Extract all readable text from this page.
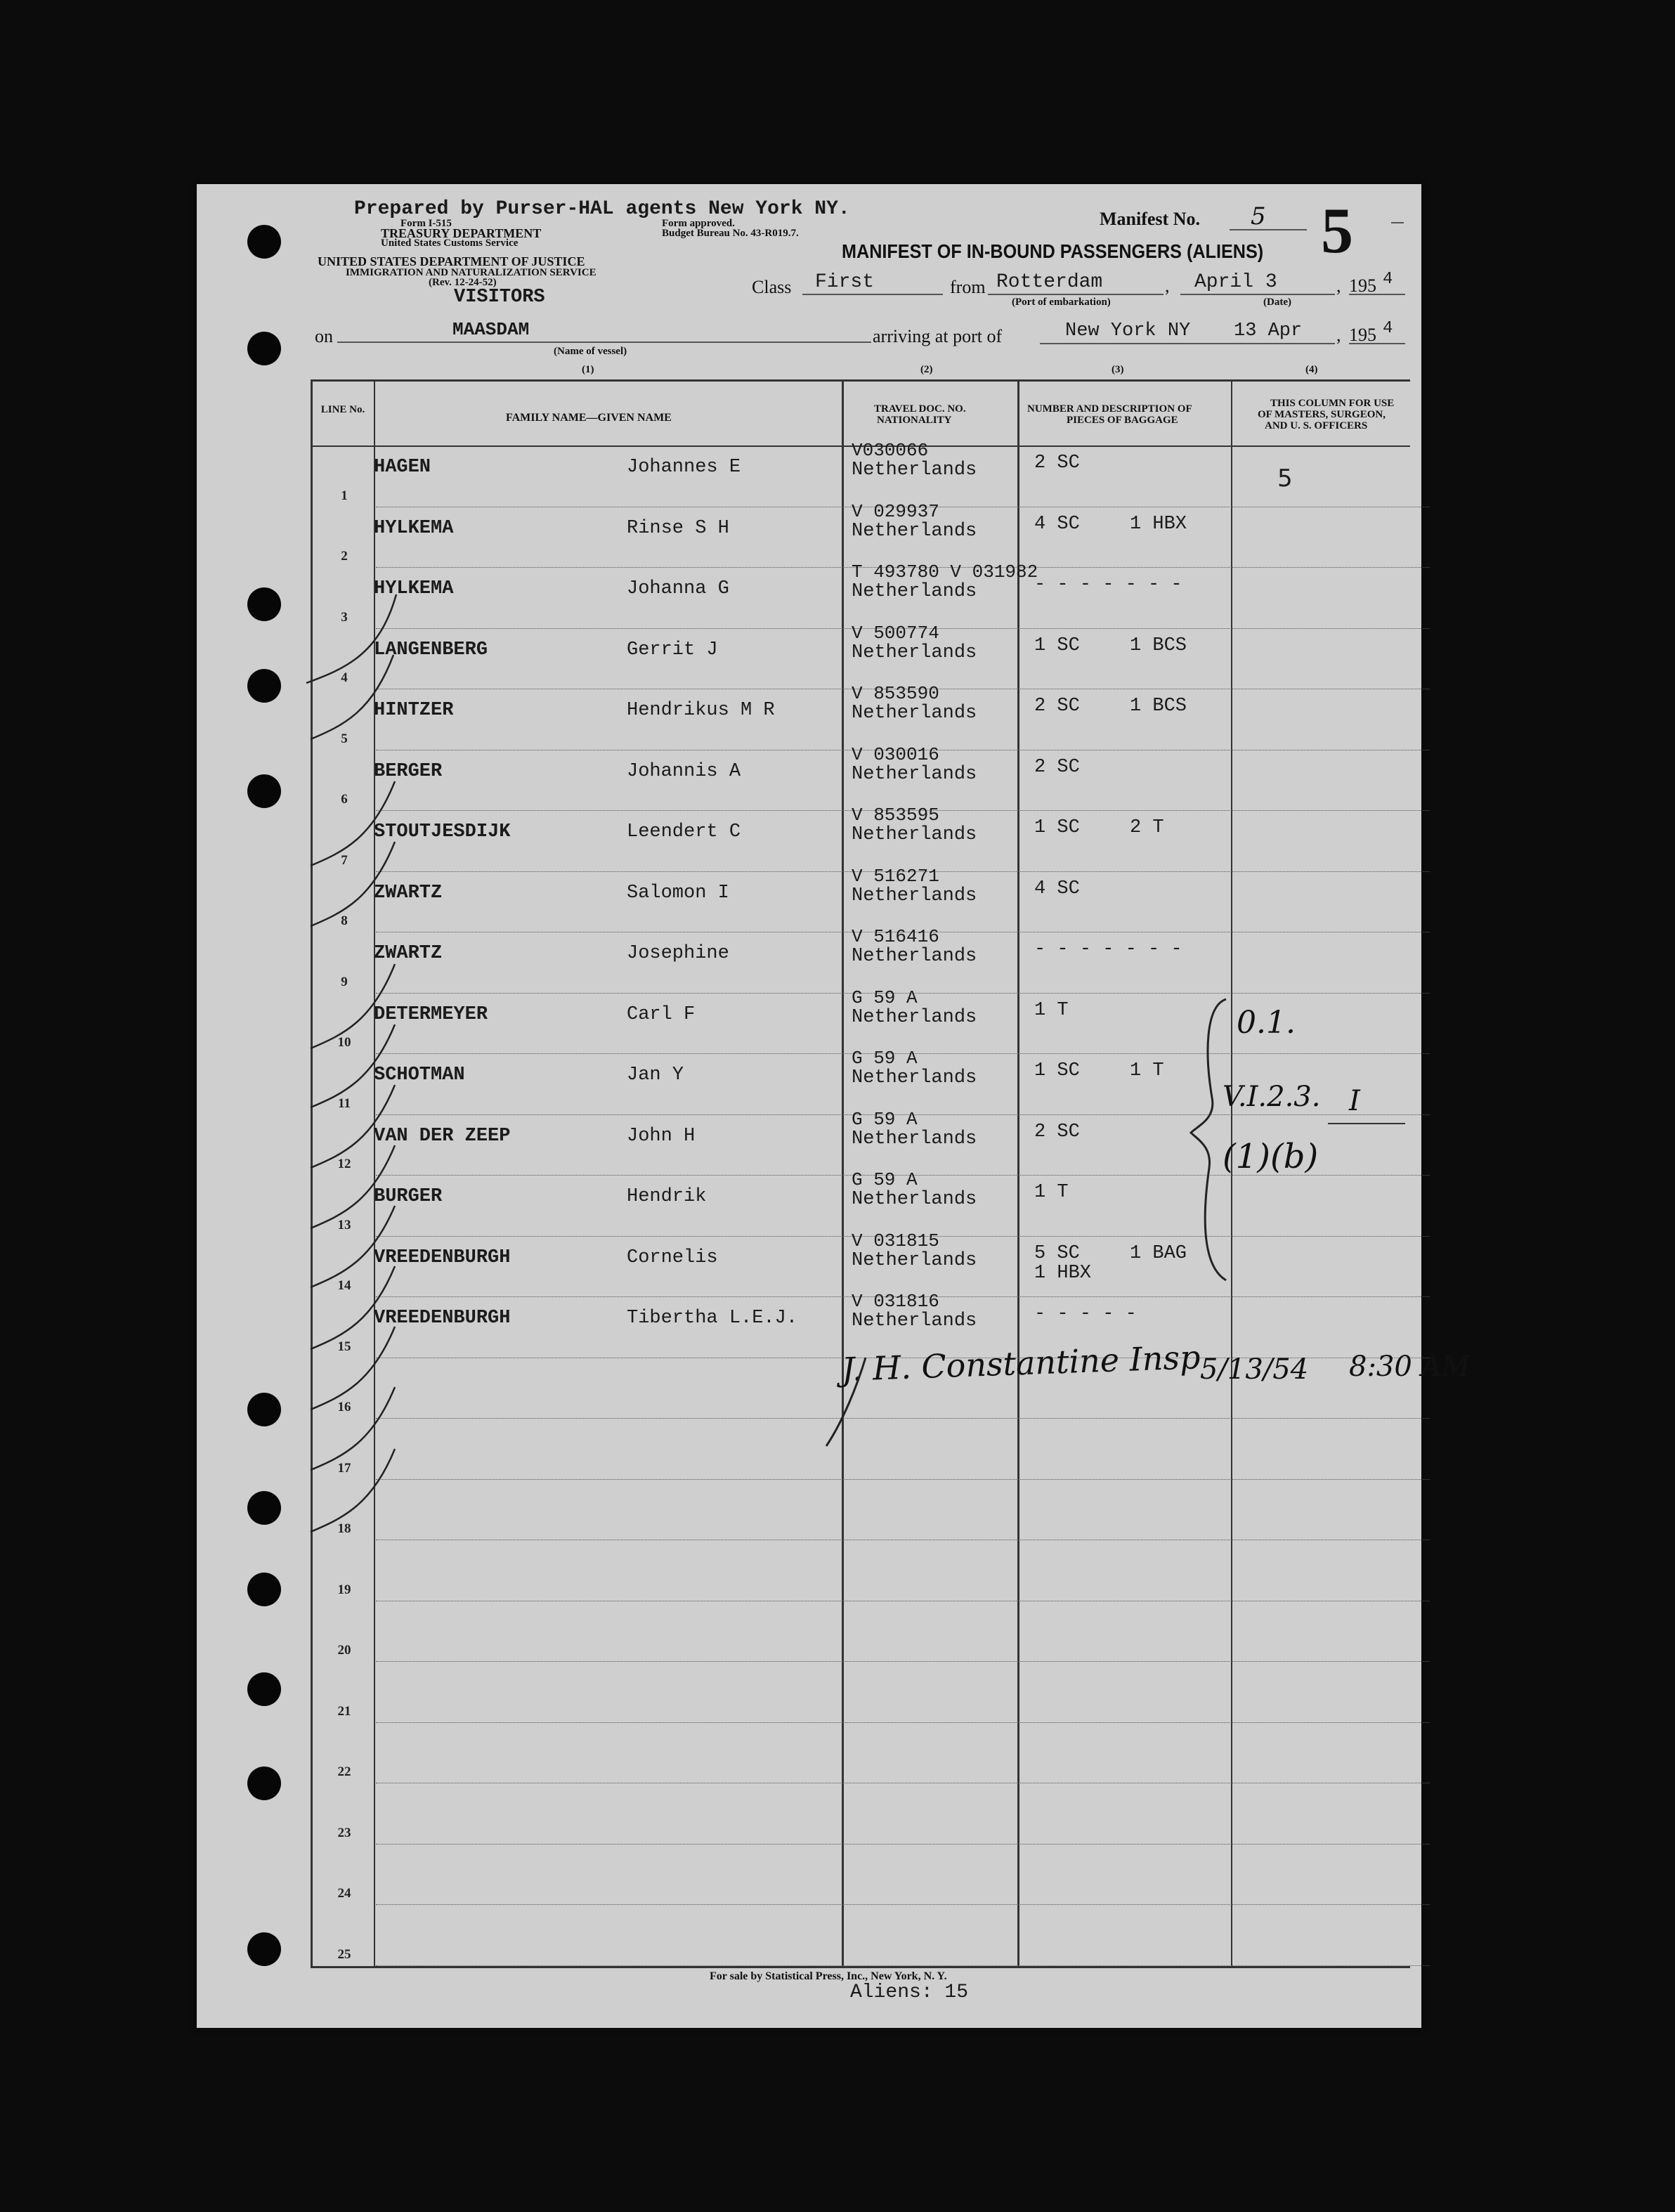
Prepared by Purser-HAL agents New York NY.
Form I-515
TREASURY DEPARTMENT
United States Customs Service
Form approved.
Budget Bureau No. 43-R019.7.
Manifest No. 5 5
MANIFEST OF IN-BOUND PASSENGERS (ALIENS)
UNITED STATES DEPARTMENT OF JUSTICE
IMMIGRATION AND NATURALIZATION SERVICE
(Rev. 12-24-52)
VISITORS	Class First	from Rotterdam
(Port of embarkation)
, April 3
(Date)
, 195 4
on	MAASDAM
(Name of vessel)
arriving at port of	New York NY 13 Apr , 195 4
(1)	(2)	(3)	(4)
LINE No.
FAMILY NAME—GIVEN NAME
TRAVEL DOC. NO.
NATIONALITY
NUMBER AND DESCRIPTION OF
PIECES OF BAGGAGE
THIS COLUMN FOR USE
OF MASTERS, SURGEON,
AND U. S. OFFICERS
1
HAGEN	Johannes E
V030066
Netherlands	2 SC
5
2
HYLKEMA	Rinse S H
V 029937
Netherlands	4 SC	1 HBX
3
HYLKEMA	Johanna G
T 493780 V 031982
Netherlands	- - - - - - -
4
LANGENBERG	Gerrit J
V 500774
Netherlands	1 SC	1 BCS
5
HINTZER	Hendrikus M R
V 853590
Netherlands	2 SC	1 BCS
6
BERGER	Johannis A
V 030016
Netherlands	2 SC
7
STOUTJESDIJK	Leendert C
V 853595
Netherlands	1 SC	2 T
8
ZWARTZ	Salomon I
V 516271
Netherlands	4 SC
9
ZWARTZ	Josephine
V 516416
Netherlands	- - - - - - -
10
DETERMEYER	Carl F
G 59 A
Netherlands	1 T
11
SCHOTMAN	Jan Y
G 59 A
Netherlands	1 SC	1 T
12
VAN DER ZEEP	John H
G 59 A
Netherlands	2 SC
13
BURGER	Hendrik
G 59 A
Netherlands	1 T
14
VREEDENBURGH	Cornelis
V 031815
Netherlands	5 SC	1 BAG
1 HBX
15
VREEDENBURGH	Tibertha L.E.J.
V 031816
Netherlands	- - - - -
16
17
18
19
20
21
22
23
24
25
0.1.
V.I.2.3.
(1)(b)
I
J. H. Constantine Insp
5/13/54 8:30 AM
For sale by Statistical Press, Inc., New York, N. Y.
Aliens: 15
